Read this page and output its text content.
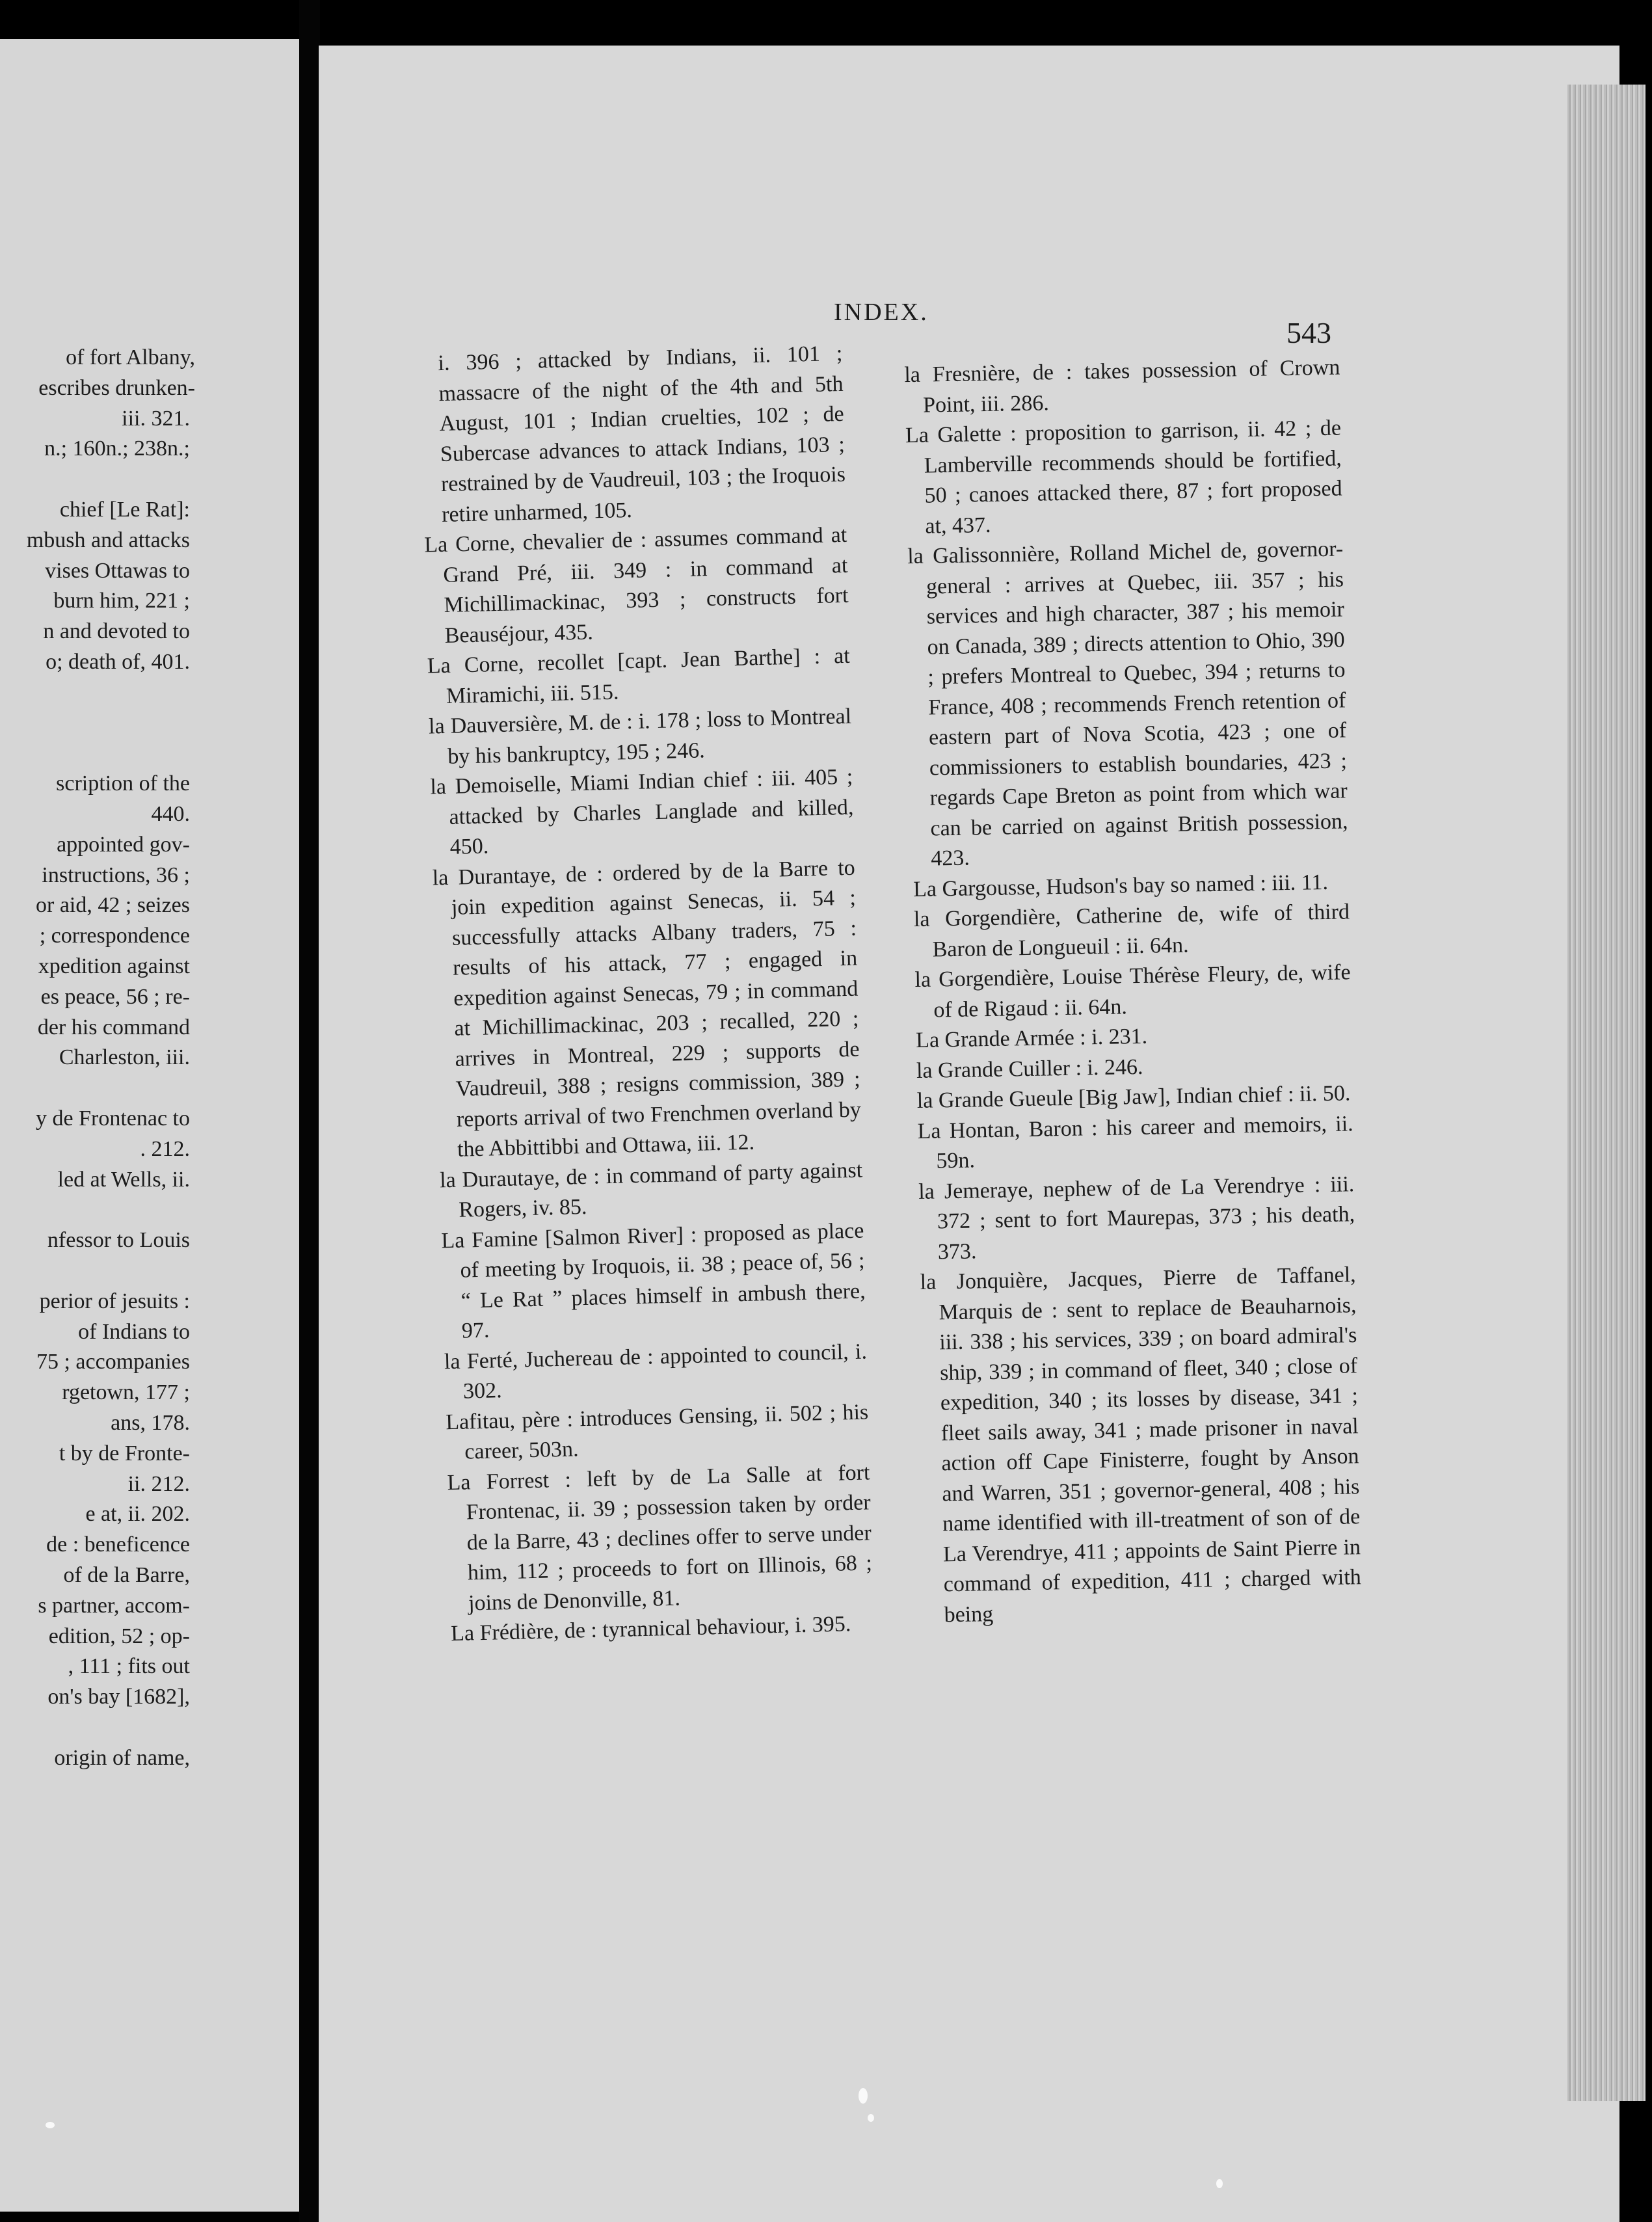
of fort Albany,
escribes drunken-
iii. 321.
n.; 160n.; 238n.;
chief [Le Rat]:
mbush and attacks
vises Ottawas to
burn him, 221 ;
n and devoted to
o; death of, 401.
scription of the
440.
appointed gov-
instructions, 36 ;
or aid, 42 ; seizes
; correspondence
xpedition against
es peace, 56 ; re-
der his command
Charleston, iii.
y de Frontenac to
. 212.
led at Wells, ii.
nfessor to Louis
perior of jesuits :
of Indians to
75 ; accompanies
rgetown, 177 ;
ans, 178.
t by de Fronte-
ii. 212.
e at, ii. 202.
de : beneficence
of de la Barre,
s partner, accom-
edition, 52 ; op-
, 111 ; fits out
on's bay [1682],
origin of name,
INDEX.
543

i. 396 ; attacked by Indians, ii. 101 ; massacre of the night of the 4th and 5th August, 101 ; Indian cruelties, 102 ; de Subercase advances to attack Indians, 103 ; restrained by de Vaudreuil, 103 ; the Iroquois retire unharmed, 105.

La Corne, chevalier de : assumes command at Grand Pré, iii. 349 : in command at Michillimackinac, 393 ; constructs fort Beauséjour, 435.

La Corne, recollet [capt. Jean Barthe] : at Miramichi, iii. 515.

la Dauversière, M. de : i. 178 ; loss to Montreal by his bankruptcy, 195 ; 246.

la Demoiselle, Miami Indian chief : iii. 405 ; attacked by Charles Langlade and killed, 450.

la Durantaye, de : ordered by de la Barre to join expedition against Senecas, ii. 54 ; successfully attacks Albany traders, 75 : results of his attack, 77 ; engaged in expedition against Senecas, 79 ; in command at Michillimackinac, 203 ; recalled, 220 ; arrives in Montreal, 229 ; supports de Vaudreuil, 388 ; resigns commission, 389 ; reports arrival of two Frenchmen overland by the Abbittibbi and Ottawa, iii. 12.

la Durautaye, de : in command of party against Rogers, iv. 85.

La Famine [Salmon River] : proposed as place of meeting by Iroquois, ii. 38 ; peace of, 56 ; “ Le Rat ” places himself in ambush there, 97.

la Ferté, Juchereau de : appointed to council, i. 302.

Lafitau, père : introduces Gensing, ii. 502 ; his career, 503n.

La Forrest : left by de La Salle at fort Frontenac, ii. 39 ; possession taken by order de la Barre, 43 ; declines offer to serve under him, 112 ; proceeds to fort on Illinois, 68 ; joins de Denonville, 81.

La Frédière, de : tyrannical behaviour, i. 395.

la Fresnière, de : takes possession of Crown Point, iii. 286.

La Galette : proposition to garrison, ii. 42 ; de Lamberville recommends should be fortified, 50 ; canoes attacked there, 87 ; fort proposed at, 437.

la Galissonnière, Rolland Michel de, governor-general : arrives at Quebec, iii. 357 ; his services and high character, 387 ; his memoir on Canada, 389 ; directs attention to Ohio, 390 ; prefers Montreal to Quebec, 394 ; returns to France, 408 ; recommends French retention of eastern part of Nova Scotia, 423 ; one of commissioners to establish boundaries, 423 ; regards Cape Breton as point from which war can be carried on against British possession, 423.

La Gargousse, Hudson's bay so named : iii. 11.

la Gorgendière, Catherine de, wife of third Baron de Longueuil : ii. 64n.

la Gorgendière, Louise Thérèse Fleury, de, wife of de Rigaud : ii. 64n.

La Grande Armée : i. 231.

la Grande Cuiller : i. 246.

la Grande Gueule [Big Jaw], Indian chief : ii. 50.

La Hontan, Baron : his career and memoirs, ii. 59n.

la Jemeraye, nephew of de La Verendrye : iii. 372 ; sent to fort Maurepas, 373 ; his death, 373.

la Jonquière, Jacques, Pierre de Taffanel, Marquis de : sent to replace de Beauharnois, iii. 338 ; his services, 339 ; on board admiral's ship, 339 ; in command of fleet, 340 ; close of expedition, 340 ; its losses by disease, 341 ; fleet sails away, 341 ; made prisoner in naval action off Cape Finisterre, fought by Anson and Warren, 351 ; governor-general, 408 ; his name identified with ill-treatment of son of de La Verendrye, 411 ; appoints de Saint Pierre in command of expedition, 411 ; charged with being
